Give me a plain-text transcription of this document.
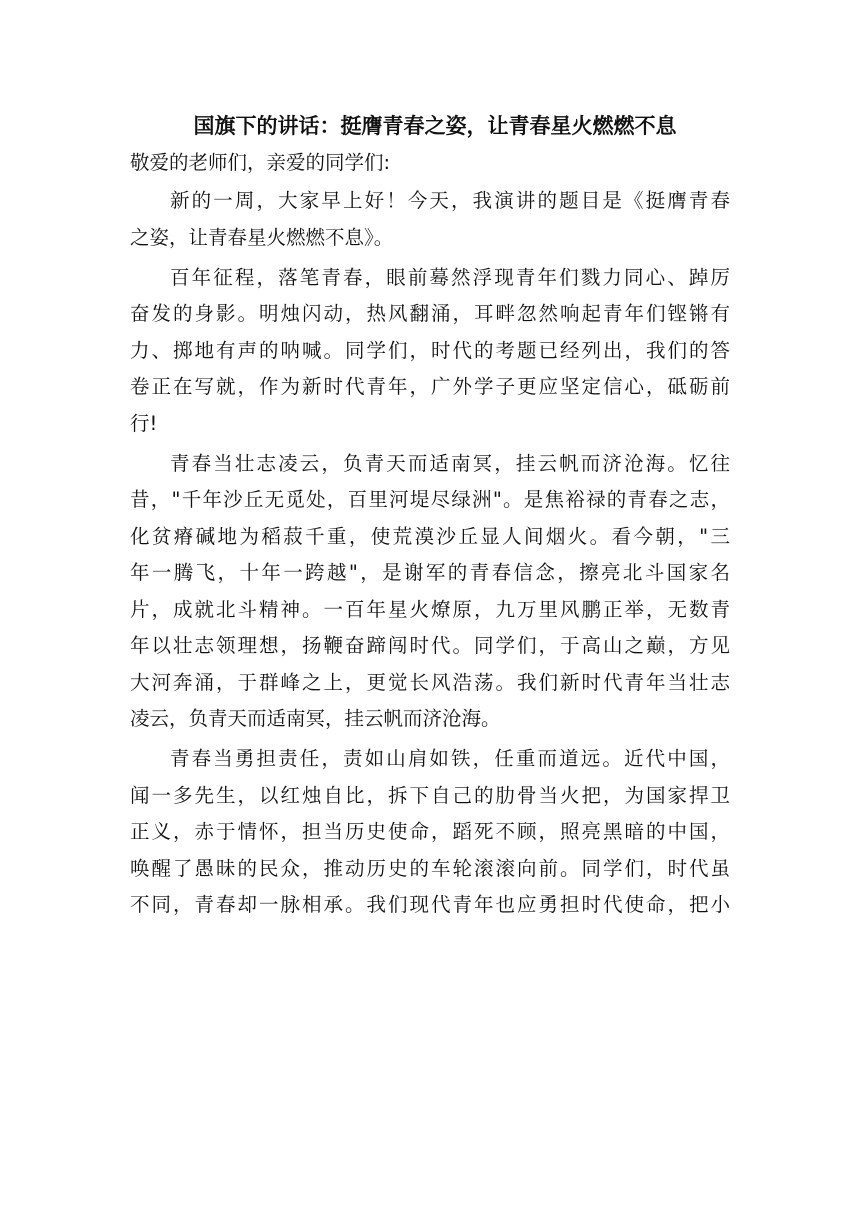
国旗下的讲话：挺膺青春之姿，让青春星火燃燃不息
敬爱的老师们，亲爱的同学们:
新的一周，大家早上好！今天，我演讲的题目是《挺膺青春
之姿，让青春星火燃燃不息》。
百年征程，落笔青春，眼前蓦然浮现青年们戮力同心、踔厉
奋发的身影。明烛闪动，热风翻涌，耳畔忽然响起青年们铿锵有
力、掷地有声的呐喊。同学们，时代的考题已经列出，我们的答
卷正在写就，作为新时代青年，广外学子更应坚定信心，砥砺前
行!
青春当壮志凌云，负青天而适南冥，挂云帆而济沧海。忆往
昔，"千年沙丘无觅处，百里河堤尽绿洲"。是焦裕禄的青春之志，
化贫瘠碱地为稻菽千重，使荒漠沙丘显人间烟火。看今朝，"三
年一腾飞，十年一跨越"，是谢军的青春信念，擦亮北斗国家名
片，成就北斗精神。一百年星火燎原，九万里风鹏正举，无数青
年以壮志领理想，扬鞭奋蹄闯时代。同学们，于高山之巅，方见
大河奔涌，于群峰之上，更觉长风浩荡。我们新时代青年当壮志
凌云，负青天而适南冥，挂云帆而济沧海。
青春当勇担责任，责如山肩如铁，任重而道远。近代中国，
闻一多先生，以红烛自比，拆下自己的肋骨当火把，为国家捍卫
正义，赤于情怀，担当历史使命，蹈死不顾，照亮黑暗的中国，
唤醒了愚昧的民众，推动历史的车轮滚滚向前。同学们，时代虽
不同，青春却一脉相承。我们现代青年也应勇担时代使命，把小
